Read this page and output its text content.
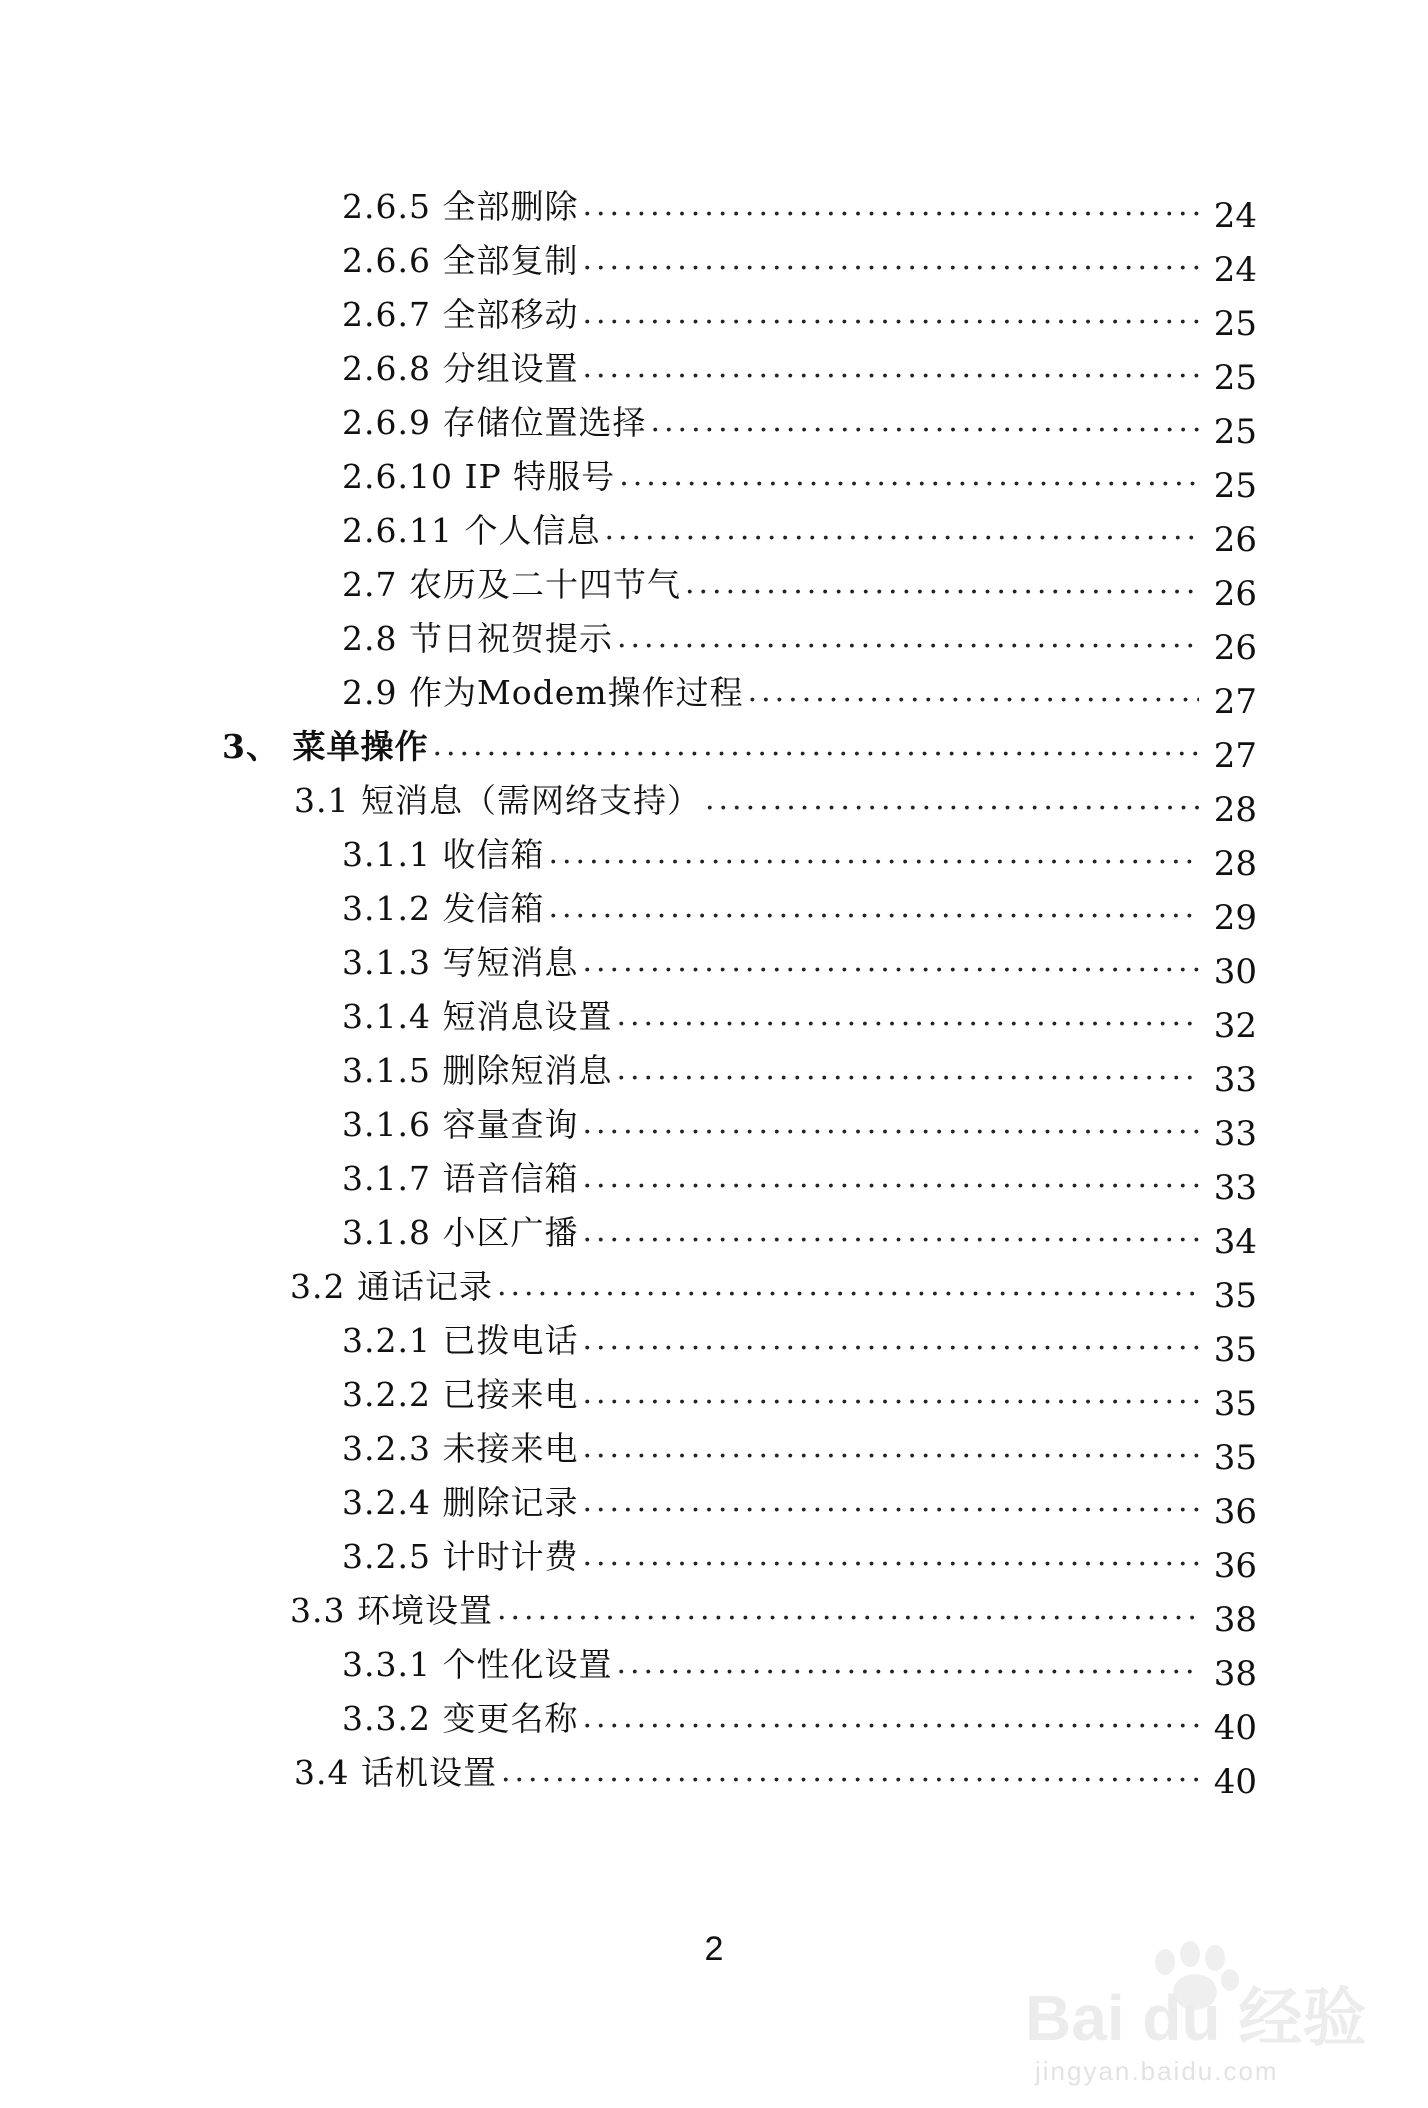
2.6.5 全部删除 .....	24
2.6.6 全部复制 .....	24
2.6.7 全部移动 .....	25
2.6.8 分组设置 .....	25
2.6.9 存储位置选择 .....	25
2.6.10 IP 特服号 .....	25
2.6.11 个人信息 .....	26
2.7 农历及二十四节气 .....	26
2.8 节日祝贺提示 .....	26
2.9 作为Modem操作过程 .....	27
3、 菜单操作 .....	27
3.1 短消息（需网络支持） .....	28
3.1.1 收信箱 .....	28
3.1.2 发信箱 .....	29
3.1.3 写短消息 .....	30
3.1.4 短消息设置 .....	32
3.1.5 删除短消息 .....	33
3.1.6 容量查询 .....	33
3.1.7 语音信箱 .....	33
3.1.8 小区广播 .....	34
3.2 通话记录 .....	35
3.2.1 已拨电话 .....	35
3.2.2 已接来电 .....	35
3.2.3 未接来电 .....	35
3.2.4 删除记录 .....	36
3.2.5 计时计费 .....	36
3.3 环境设置 .....	38
3.3.1 个性化设置 .....	38
3.3.2 变更名称 .....	40
3.4 话机设置 .....	40
2
Bai du 经验
jingyan.baidu.com
